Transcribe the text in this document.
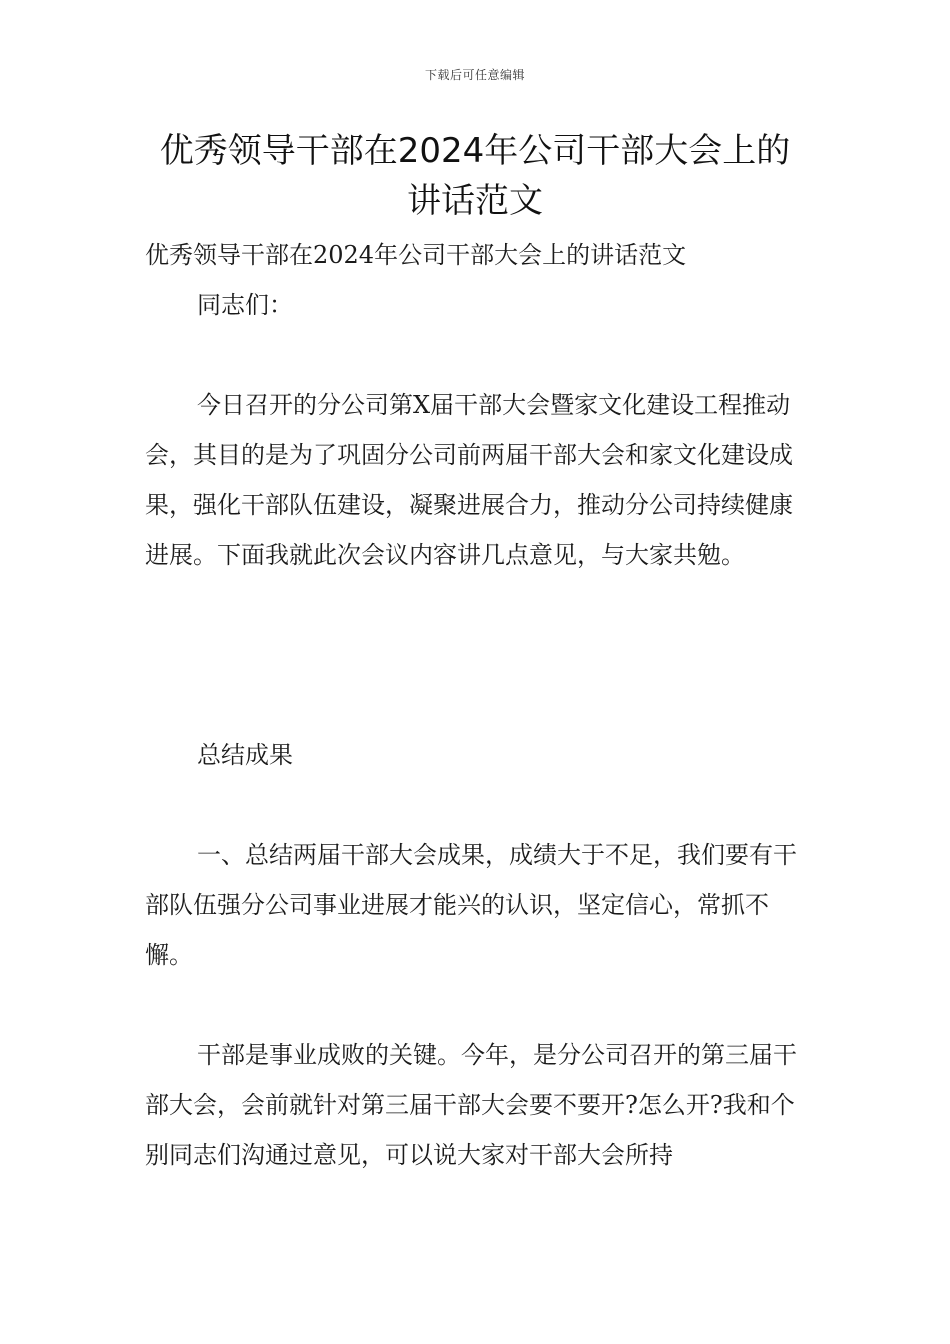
下载后可任意编辑
优秀领导干部在2024年公司干部大会上的
讲话范文

优秀领导干部在2024年公司干部大会上的讲话范文

同志们：

今日召开的分公司第X届干部大会暨家文化建设工程推动会，其目的是为了巩固分公司前两届干部大会和家文化建设成果，强化干部队伍建设，凝聚进展合力，推动分公司持续健康进展。下面我就此次会议内容讲几点意见，与大家共勉。

总结成果

一、总结两届干部大会成果，成绩大于不足，我们要有干部队伍强分公司事业进展才能兴的认识，坚定信心，常抓不懈。

干部是事业成败的关键。今年，是分公司召开的第三届干部大会，会前就针对第三届干部大会要不要开?怎么开?我和个别同志们沟通过意见，可以说大家对干部大会所持
